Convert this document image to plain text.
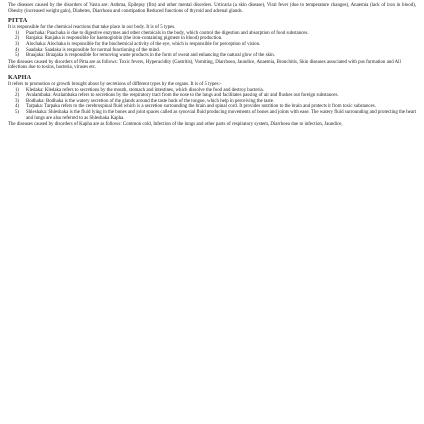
The diseases caused by the disorders of Vasta are: Asthma, Epilepsy (fits) and other mental disorders. Urticaria (a skin disease), Viral fever (due to temperature changes), Anaemia (lack of iron in blood), Obesity (increased weight gain), Diabetes, Diarrhoea and constipation Reduced functions of thyroid and adrenal glands.

PITTA

It is responsible for the chemical reactions that take place in our body. It is of 5 types.

1)	Paachaka: Paachaka is due to digestive enzymes and other chemicals in the body, which control the digestion and absorption of food substances.
2)	Ranjaka: Ranjaka is responsible for haemoglobin (the iron-containing pigment in blood) production.
3)	Alochaka: Alochaka is responsible for the biochemical activity of the eye, which is responsible for perception of vision.
4)	Saadaka: Saadaka is responsible for normal functioning of the mind.
5)	Braajaka: Braajaka is responsible for removing waste products in the form of sweat and enhancing the natural glow of the skin.

The diseases caused by disorders of Pitta are as follows: Toxic fevers, Hyperacidity (Gastritis), Vomiting, Diarrhoea, Jaundice, Anaemia, Bronchitis, Skin diseases associated with pus formation and All infections due to toxins, bacteria, viruses etc.

KAPHA

It refers to promotion or growth brought about by secretions of different types by the organs. It is of 5 types:-

1)	Kledaka: Kledaka refers to secretions by the mouth, stomach and intestines, which dissolve the food and destroy bacteria.
2)	Avalambaka: Avalambaka refers to secretions by the respiratory tract from the nose to the lungs and facilitates passing of air and flushes out foreign substances.
3)	Bodhaka: Bodhaka is the watery secretion of the glands around the taste buds of the tongue, which help in perceiving the taste.
4)	Tarpaka: Tarpaka refers to the cerebrospinal fluid which is a secretion surrounding the brain and spinal cord. It provides nutrition to the brain and protects it from toxic substances.
5)	Shleshaka: Shleshaka is the fluid lying in the bones and joint spaces called as synovial fluid producing movements of bones and joints with ease. The watery fluid surrounding and protecting the heart and lungs are also referred to as Shleshaka Kapha.

The diseases caused by disorders of Kapha are as follows: Common cold, Infection of the lungs and other parts of respiratory system, Diarrhoea due to infection, Jaundice,
